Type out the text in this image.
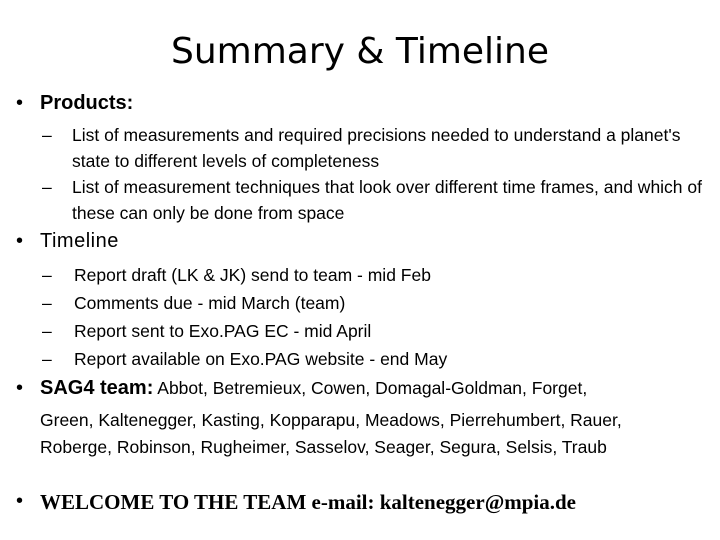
Summary & Timeline
• Products:
– List of measurements and required precisions needed to understand a planet's state to different levels of completeness
– List of measurement techniques that look over different time frames, and which of these can only be done from space
• Timeline
– Report draft (LK & JK) send to team - mid Feb
– Comments due - mid March (team)
– Report sent to Exo.PAG EC - mid April
– Report available on Exo.PAG website - end May
• SAG4 team: Abbot, Betremieux, Cowen, Domagal-Goldman, Forget,
Green, Kaltenegger, Kasting, Kopparapu, Meadows, Pierrehumbert, Rauer,
Roberge, Robinson, Rugheimer, Sasselov, Seager, Segura, Selsis, Traub
• WELCOME TO THE TEAM e-mail: kaltenegger@mpia.de
